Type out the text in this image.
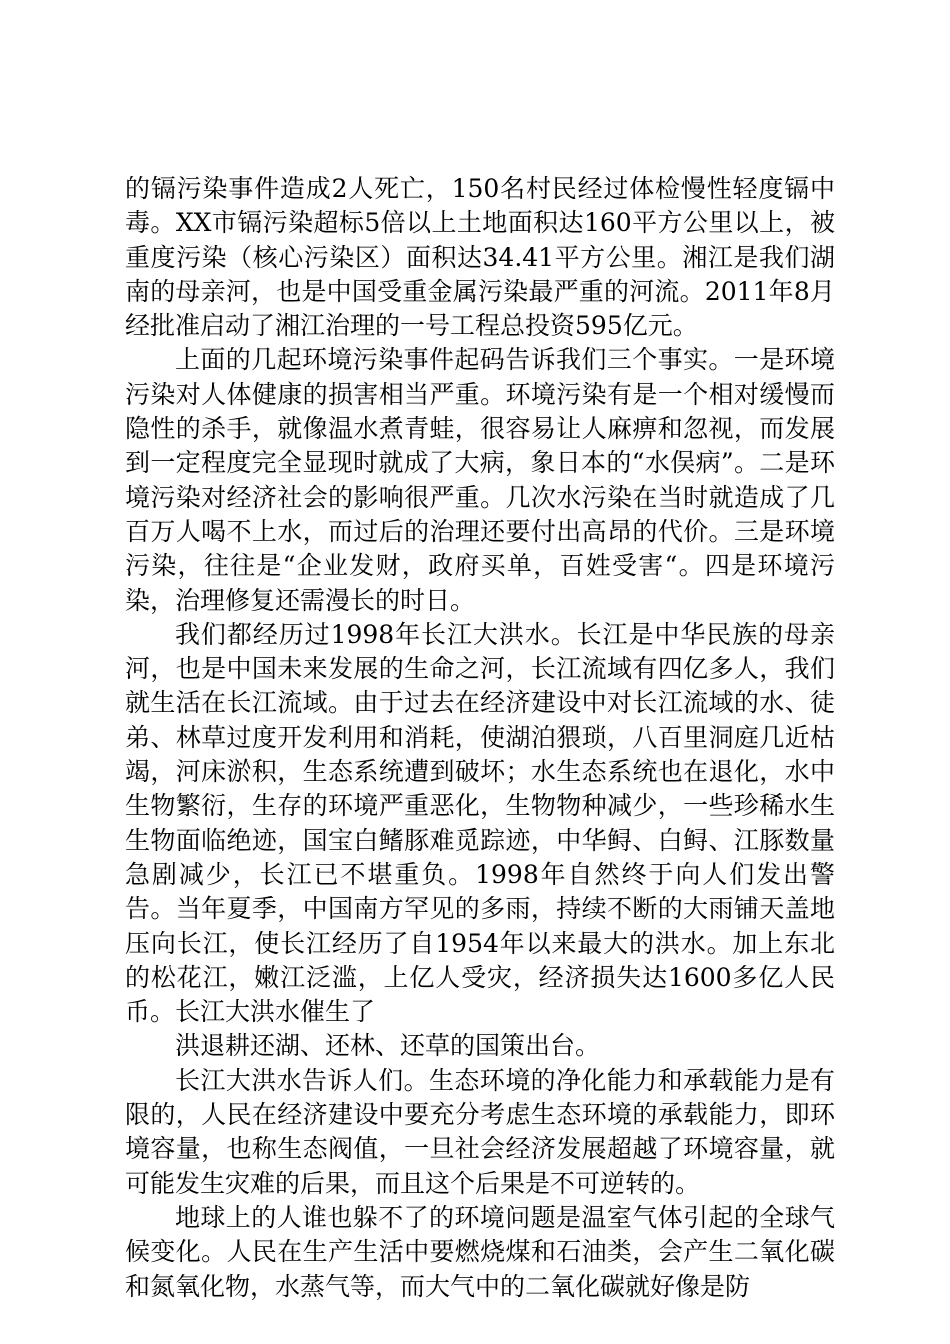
的镉污染事件造成2人死亡，150名村民经过体检慢性轻度镉中毒。XX市镉污染超标5倍以上土地面积达160平方公里以上，被重度污染（核心污染区）面积达34.41平方公里。湘江是我们湖南的母亲河，也是中国受重金属污染最严重的河流。2011年8月经批准启动了湘江治理的一号工程总投资595亿元。

上面的几起环境污染事件起码告诉我们三个事实。一是环境污染对人体健康的损害相当严重。环境污染有是一个相对缓慢而隐性的杀手，就像温水煮青蛙，很容易让人麻痹和忽视，而发展到一定程度完全显现时就成了大病，象日本的“水俣病”。二是环境污染对经济社会的影响很严重。几次水污染在当时就造成了几百万人喝不上水，而过后的治理还要付出高昂的代价。三是环境污染，往往是“企业发财，政府买单，百姓受害“。四是环境污染，治理修复还需漫长的时日。

我们都经历过1998年长江大洪水。长江是中华民族的母亲河，也是中国未来发展的生命之河，长江流域有四亿多人，我们就生活在长江流域。由于过去在经济建设中对长江流域的水、徒弟、林草过度开发利用和消耗，使湖泊猥琐，八百里洞庭几近枯竭，河床淤积，生态系统遭到破坏；水生态系统也在退化，水中生物繁衍，生存的环境严重恶化，生物物种减少，一些珍稀水生生物面临绝迹，国宝白鳍豚难觅踪迹，中华鲟、白鲟、江豚数量急剧减少，长江已不堪重负。1998年自然终于向人们发出警告。当年夏季，中国南方罕见的多雨，持续不断的大雨铺天盖地压向长江，使长江经历了自1954年以来最大的洪水。加上东北的松花江，嫩江泛滥，上亿人受灾，经济损失达1600多亿人民币。长江大洪水催生了

洪退耕还湖、还林、还草的国策出台。

长江大洪水告诉人们。生态环境的净化能力和承载能力是有限的，人民在经济建设中要充分考虑生态环境的承载能力，即环境容量，也称生态阀值，一旦社会经济发展超越了环境容量，就可能发生灾难的后果，而且这个后果是不可逆转的。

地球上的人谁也躲不了的环境问题是温室气体引起的全球气候变化。人民在生产生活中要燃烧煤和石油类，会产生二氧化碳和氮氧化物，水蒸气等，而大气中的二氧化碳就好像是防
